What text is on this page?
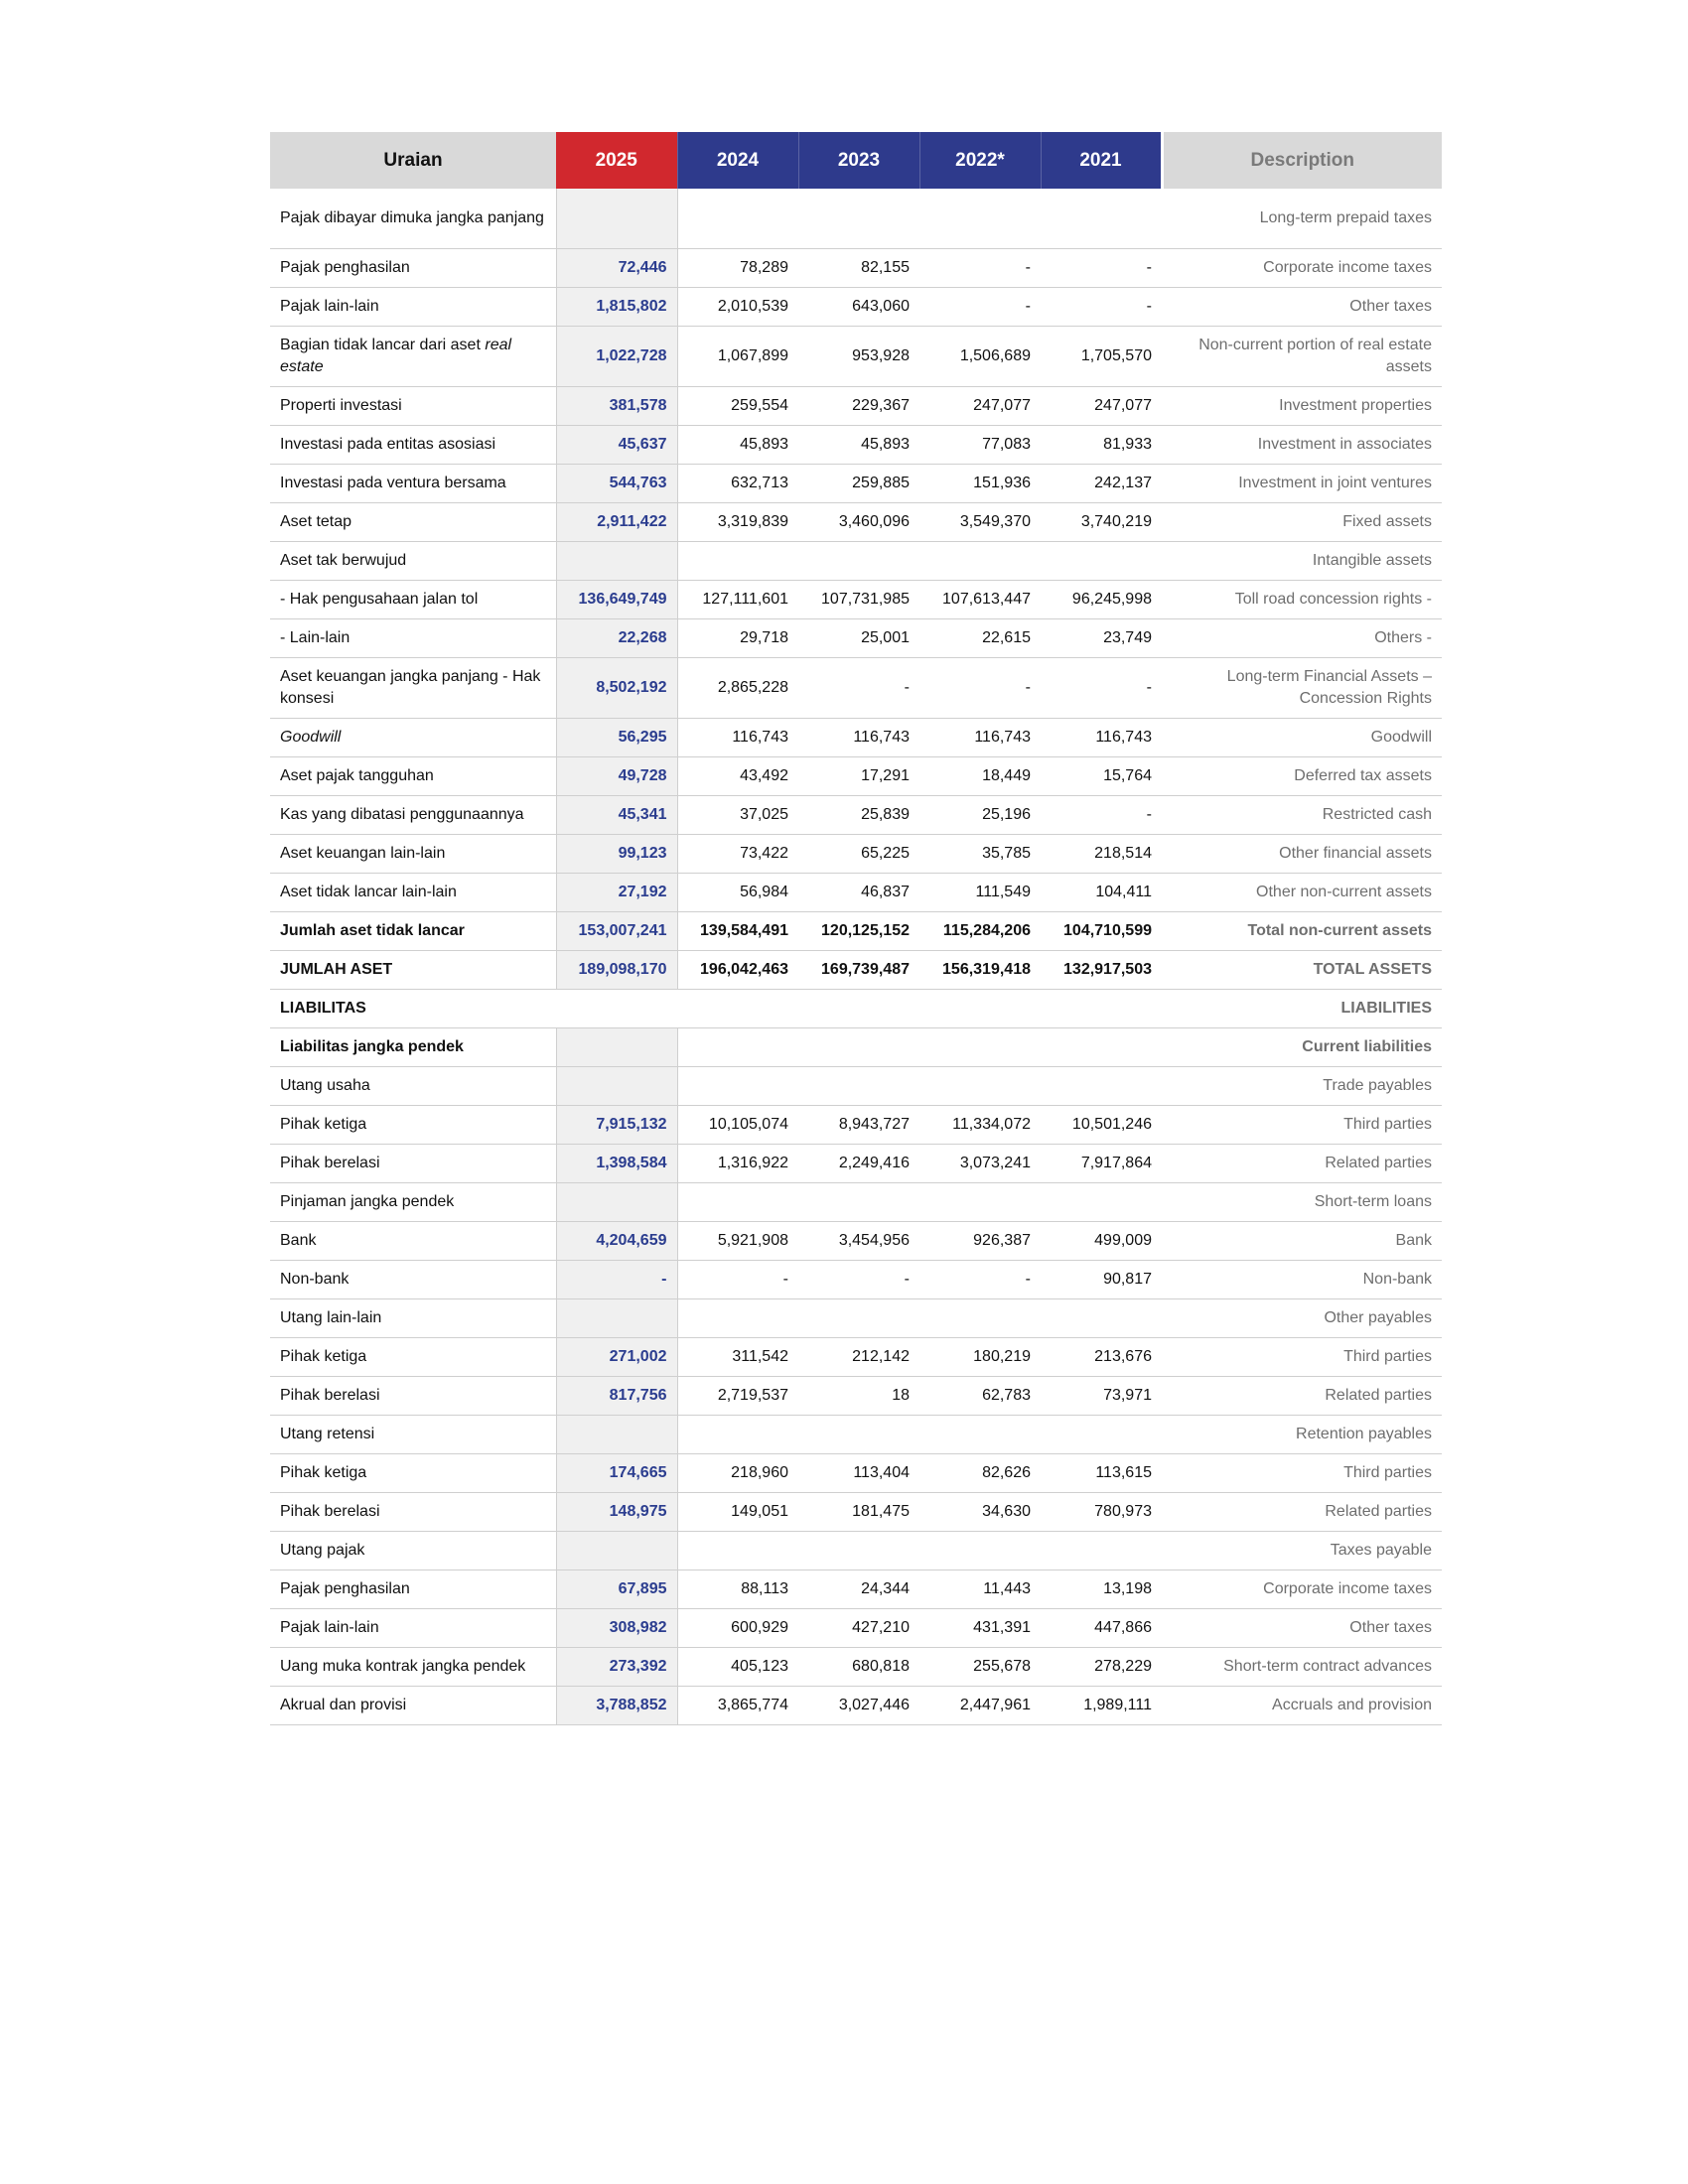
Uraian	2025	2024	2023	2022*	2021	Description
Pajak dibayar dimuka jangka panjang						Long-term prepaid taxes
Pajak penghasilan	72,446	78,289	82,155	-	-	Corporate income taxes
Pajak lain-lain	1,815,802	2,010,539	643,060	-	-	Other taxes
Bagian tidak lancar dari aset real estate	1,022,728	1,067,899	953,928	1,506,689	1,705,570	Non-current portion of real estate assets
Properti investasi	381,578	259,554	229,367	247,077	247,077	Investment properties
Investasi pada entitas asosiasi	45,637	45,893	45,893	77,083	81,933	Investment in associates
Investasi pada ventura bersama	544,763	632,713	259,885	151,936	242,137	Investment in joint ventures
Aset tetap	2,911,422	3,319,839	3,460,096	3,549,370	3,740,219	Fixed assets
Aset tak berwujud						Intangible assets
- Hak pengusahaan jalan tol	136,649,749	127,111,601	107,731,985	107,613,447	96,245,998	Toll road concession rights -
- Lain-lain	22,268	29,718	25,001	22,615	23,749	Others -
Aset keuangan jangka panjang - Hak konsesi	8,502,192	2,865,228	-	-	-	Long-term Financial Assets – Concession Rights
Goodwill	56,295	116,743	116,743	116,743	116,743	Goodwill
Aset pajak tangguhan	49,728	43,492	17,291	18,449	15,764	Deferred tax assets
Kas yang dibatasi penggunaannya	45,341	37,025	25,839	25,196	-	Restricted cash
Aset keuangan lain-lain	99,123	73,422	65,225	35,785	218,514	Other financial assets
Aset tidak lancar lain-lain	27,192	56,984	46,837	111,549	104,411	Other non-current assets
Jumlah aset tidak lancar	153,007,241	139,584,491	120,125,152	115,284,206	104,710,599	Total non-current assets
JUMLAH ASET	189,098,170	196,042,463	169,739,487	156,319,418	132,917,503	TOTAL ASSETS
LIABILITAS						LIABILITIES
Liabilitas jangka pendek						Current liabilities
Utang usaha						Trade payables
Pihak ketiga	7,915,132	10,105,074	8,943,727	11,334,072	10,501,246	Third parties
Pihak berelasi	1,398,584	1,316,922	2,249,416	3,073,241	7,917,864	Related parties
Pinjaman jangka pendek						Short-term loans
Bank	4,204,659	5,921,908	3,454,956	926,387	499,009	Bank
Non-bank	-	-	-	-	90,817	Non-bank
Utang lain-lain						Other payables
Pihak ketiga	271,002	311,542	212,142	180,219	213,676	Third parties
Pihak berelasi	817,756	2,719,537	18	62,783	73,971	Related parties
Utang retensi						Retention payables
Pihak ketiga	174,665	218,960	113,404	82,626	113,615	Third parties
Pihak berelasi	148,975	149,051	181,475	34,630	780,973	Related parties
Utang pajak						Taxes payable
Pajak penghasilan	67,895	88,113	24,344	11,443	13,198	Corporate income taxes
Pajak lain-lain	308,982	600,929	427,210	431,391	447,866	Other taxes
Uang muka kontrak jangka pendek	273,392	405,123	680,818	255,678	278,229	Short-term contract advances
Akrual dan provisi	3,788,852	3,865,774	3,027,446	2,447,961	1,989,111	Accruals and provision
